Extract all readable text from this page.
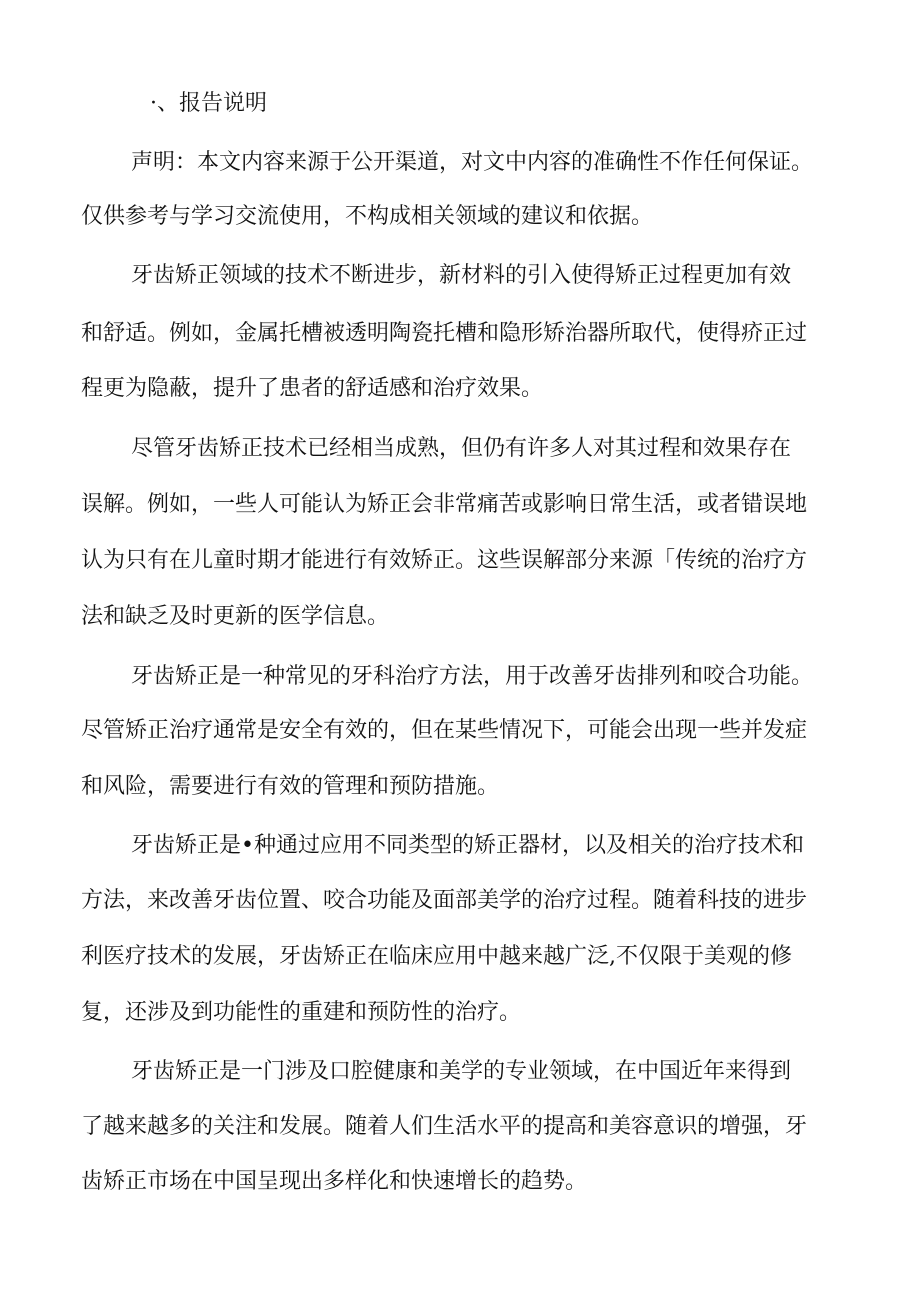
·、报告说明
声明：本文内容来源于公开渠道，对文中内容的准确性不作任何保证。
仅供参考与学习交流使用，不构成相关领域的建议和依据。
牙齿矫正领域的技术不断进步，新材料的引入使得矫正过程更加有效
和舒适。例如，金属托槽被透明陶瓷托槽和隐形矫治器所取代，使得疥正过
程更为隐蔽，提升了患者的舒适感和治疗效果。
尽管牙齿矫正技术已经相当成熟，但仍有许多人对其过程和效果存在
误解。例如，一些人可能认为矫正会非常痛苦或影响日常生活，或者错误地
认为只有在儿童时期才能进行有效矫正。这些误解部分来源「传统的治疗方
法和缺乏及时更新的医学信息。
牙齿矫正是一种常见的牙科治疗方法，用于改善牙齿排列和咬合功能。
尽管矫正治疗通常是安全有效的，但在某些情况下，可能会出现一些并发症
和风险，需要进行有效的管理和预防措施。
牙齿矫正是•种通过应用不同类型的矫正器材，以及相关的治疗技术和
方法，来改善牙齿位置、咬合功能及面部美学的治疗过程。随着科技的进步
利医疗技术的发展，牙齿矫正在临床应用中越来越广泛,不仅限于美观的修
复，还涉及到功能性的重建和预防性的治疗。
牙齿矫正是一门涉及口腔健康和美学的专业领域，在中国近年来得到
了越来越多的关注和发展。随着人们生活水平的提高和美容意识的增强，牙
齿矫正市场在中国呈现出多样化和快速增长的趋势。
